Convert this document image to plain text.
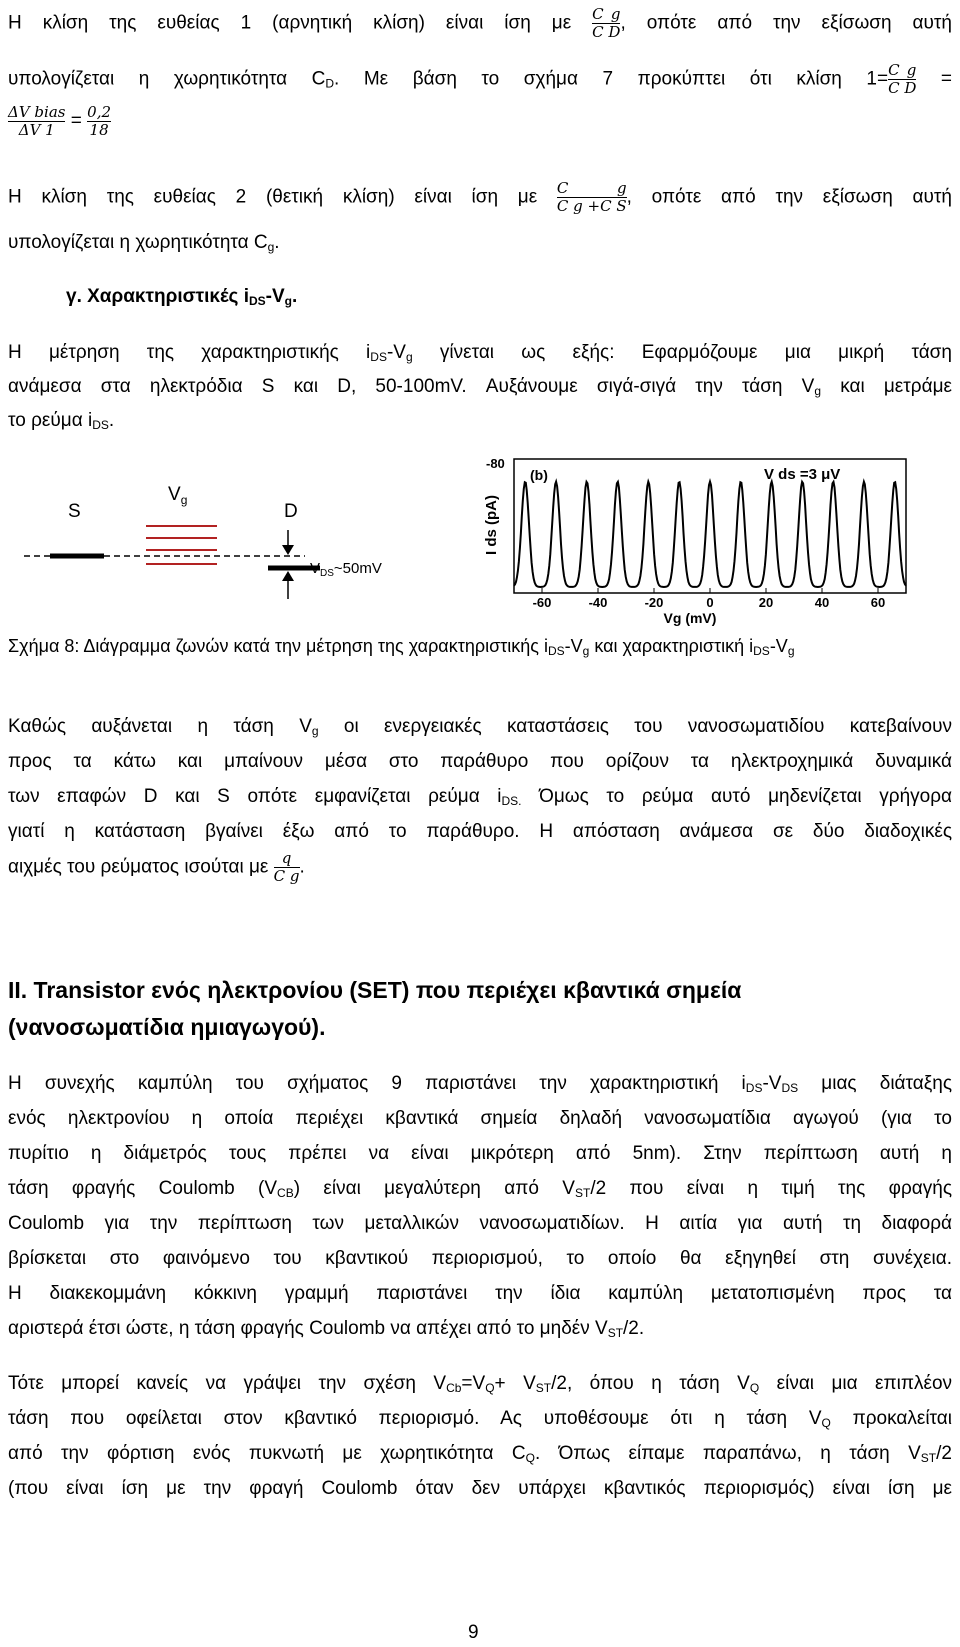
Η κλίση της ευθείας 1 (αρνητική κλίση) είναι ίση με $\frac{\text{C g}}{\text{C D}}$ , οπότε από την εξίσωση αυτή
υπολογίζεται η χωρητικότητα $C_D$. Με βάση το σχήμα 7 προκύπτει ότι κλίση $1= \frac{\text{C g}}{\text{C D}}$ =
$\frac{\text{ΔV bias}}{\Delta V 1} = \frac{0,2}{18}$
Η κλίση της ευθείας 2 (θετική κλίση) είναι ίση με $\frac{\text{C g}}{\text{C g +C S}}$ , οπότε από την εξίσωση αυτή
υπολογίζεται η χωρητικότητα $C_g$.
γ. Χαρακτηριστικές $i_{DS}-V_g$.
Η μέτρηση της χαρακτηριστικής $i_{DS}-V_g$ γίνεται ως εξής: Εφαρμόζουμε μια μικρή τάση
ανάμεσα στα ηλεκτρόδια S και D, 50-100mV. Αυξάνουμε σιγά-σιγά την τάση $V_g$ και μετράμε
το ρεύμα $i_{DS}$.
S
$V_g$
D
$V_{DS}\sim 50mV$
-80
(b)	V ds =3 μV
I ds (pA)
Vg (mV)
-60	-40	-20	0	20	40	60
Σχήμα 8: Διάγραμμα ζωνών κατά την μέτρηση της χαρακτηριστικής $i_{DS}-V_g$ και χαρακτηριστική $i_{DS}-V_g$
Καθώς αυξάνεται η τάση $V_g$ οι ενεργειακές καταστάσεις του νανοσωματιδίου κατεβαίνουν
προς τα κάτω και μπαίνουν μέσα στο παράθυρο που ορίζουν τα ηλεκτροχημικά δυναμικά
των επαφών D και S οπότε εμφανίζεται ρεύμα $i_{DS.}$ Όμως το ρεύμα αυτό μηδενίζεται γρήγορα
γιατί η κατάσταση βγαίνει έξω από το παράθυρο. Η απόσταση ανάμεσα σε δύο διαδοχικές
αιχμές του ρεύματος ισούται με $\frac{q}{\text{C g}}$ .
II. Transistor ενός ηλεκτρονίου (SET) που περιέχει κβαντικά σημεία
(νανοσωματίδια ημιαγωγού).
Η συνεχής καμπύλη του σχήματος 9 παριστάνει την χαρακτηριστική $i_{DS}-V_{DS}$ μιας διάταξης
ενός ηλεκτρονίου η οποία περιέχει κβαντικά σημεία δηλαδή νανοσωματίδια αγωγού (για το
πυρίτιο η διάμετρός τους πρέπει να είναι μικρότερη από 5nm). Στην περίπτωση αυτή η
τάση φραγής Coulomb $(V_{CB})$ είναι μεγαλύτερη από $V_{ST}/2$ που είναι η τιμή της φραγής
Coulomb για την περίπτωση των μεταλλικών νανοσωματιδίων. Η αιτία για αυτή τη διαφορά
βρίσκεται στο φαινόμενο του κβαντικού περιορισμού, το οποίο θα εξηγηθεί στη συνέχεια.
Η διακεκομμάνη κόκκινη γραμμή παριστάνει την ίδια καμπύλη μετατοπισμένη προς τα
αριστερά έτσι ώστε, η τάση φραγής Coulomb να απέχει από το μηδέν $V_{ST}/2$.
Τότε μπορεί κανείς να γράψει την σχέση $V_{Cb}=V_Q+ V_{ST}/2$, όπου η τάση $V_Q$ είναι μια επιπλέον
τάση που οφείλεται στον κβαντικό περιορισμό. Ας υποθέσουμε ότι η τάση $V_Q$ προκαλείται
από την φόρτιση ενός πυκνωτή με χωρητικότητα $C_Q$. Όπως είπαμε παραπάνω, η τάση $V_{ST}/2$
(που είναι ίση με την φραγή Coulomb όταν δεν υπάρχει κβαντικός περιορισμός) είναι ίση με
9
